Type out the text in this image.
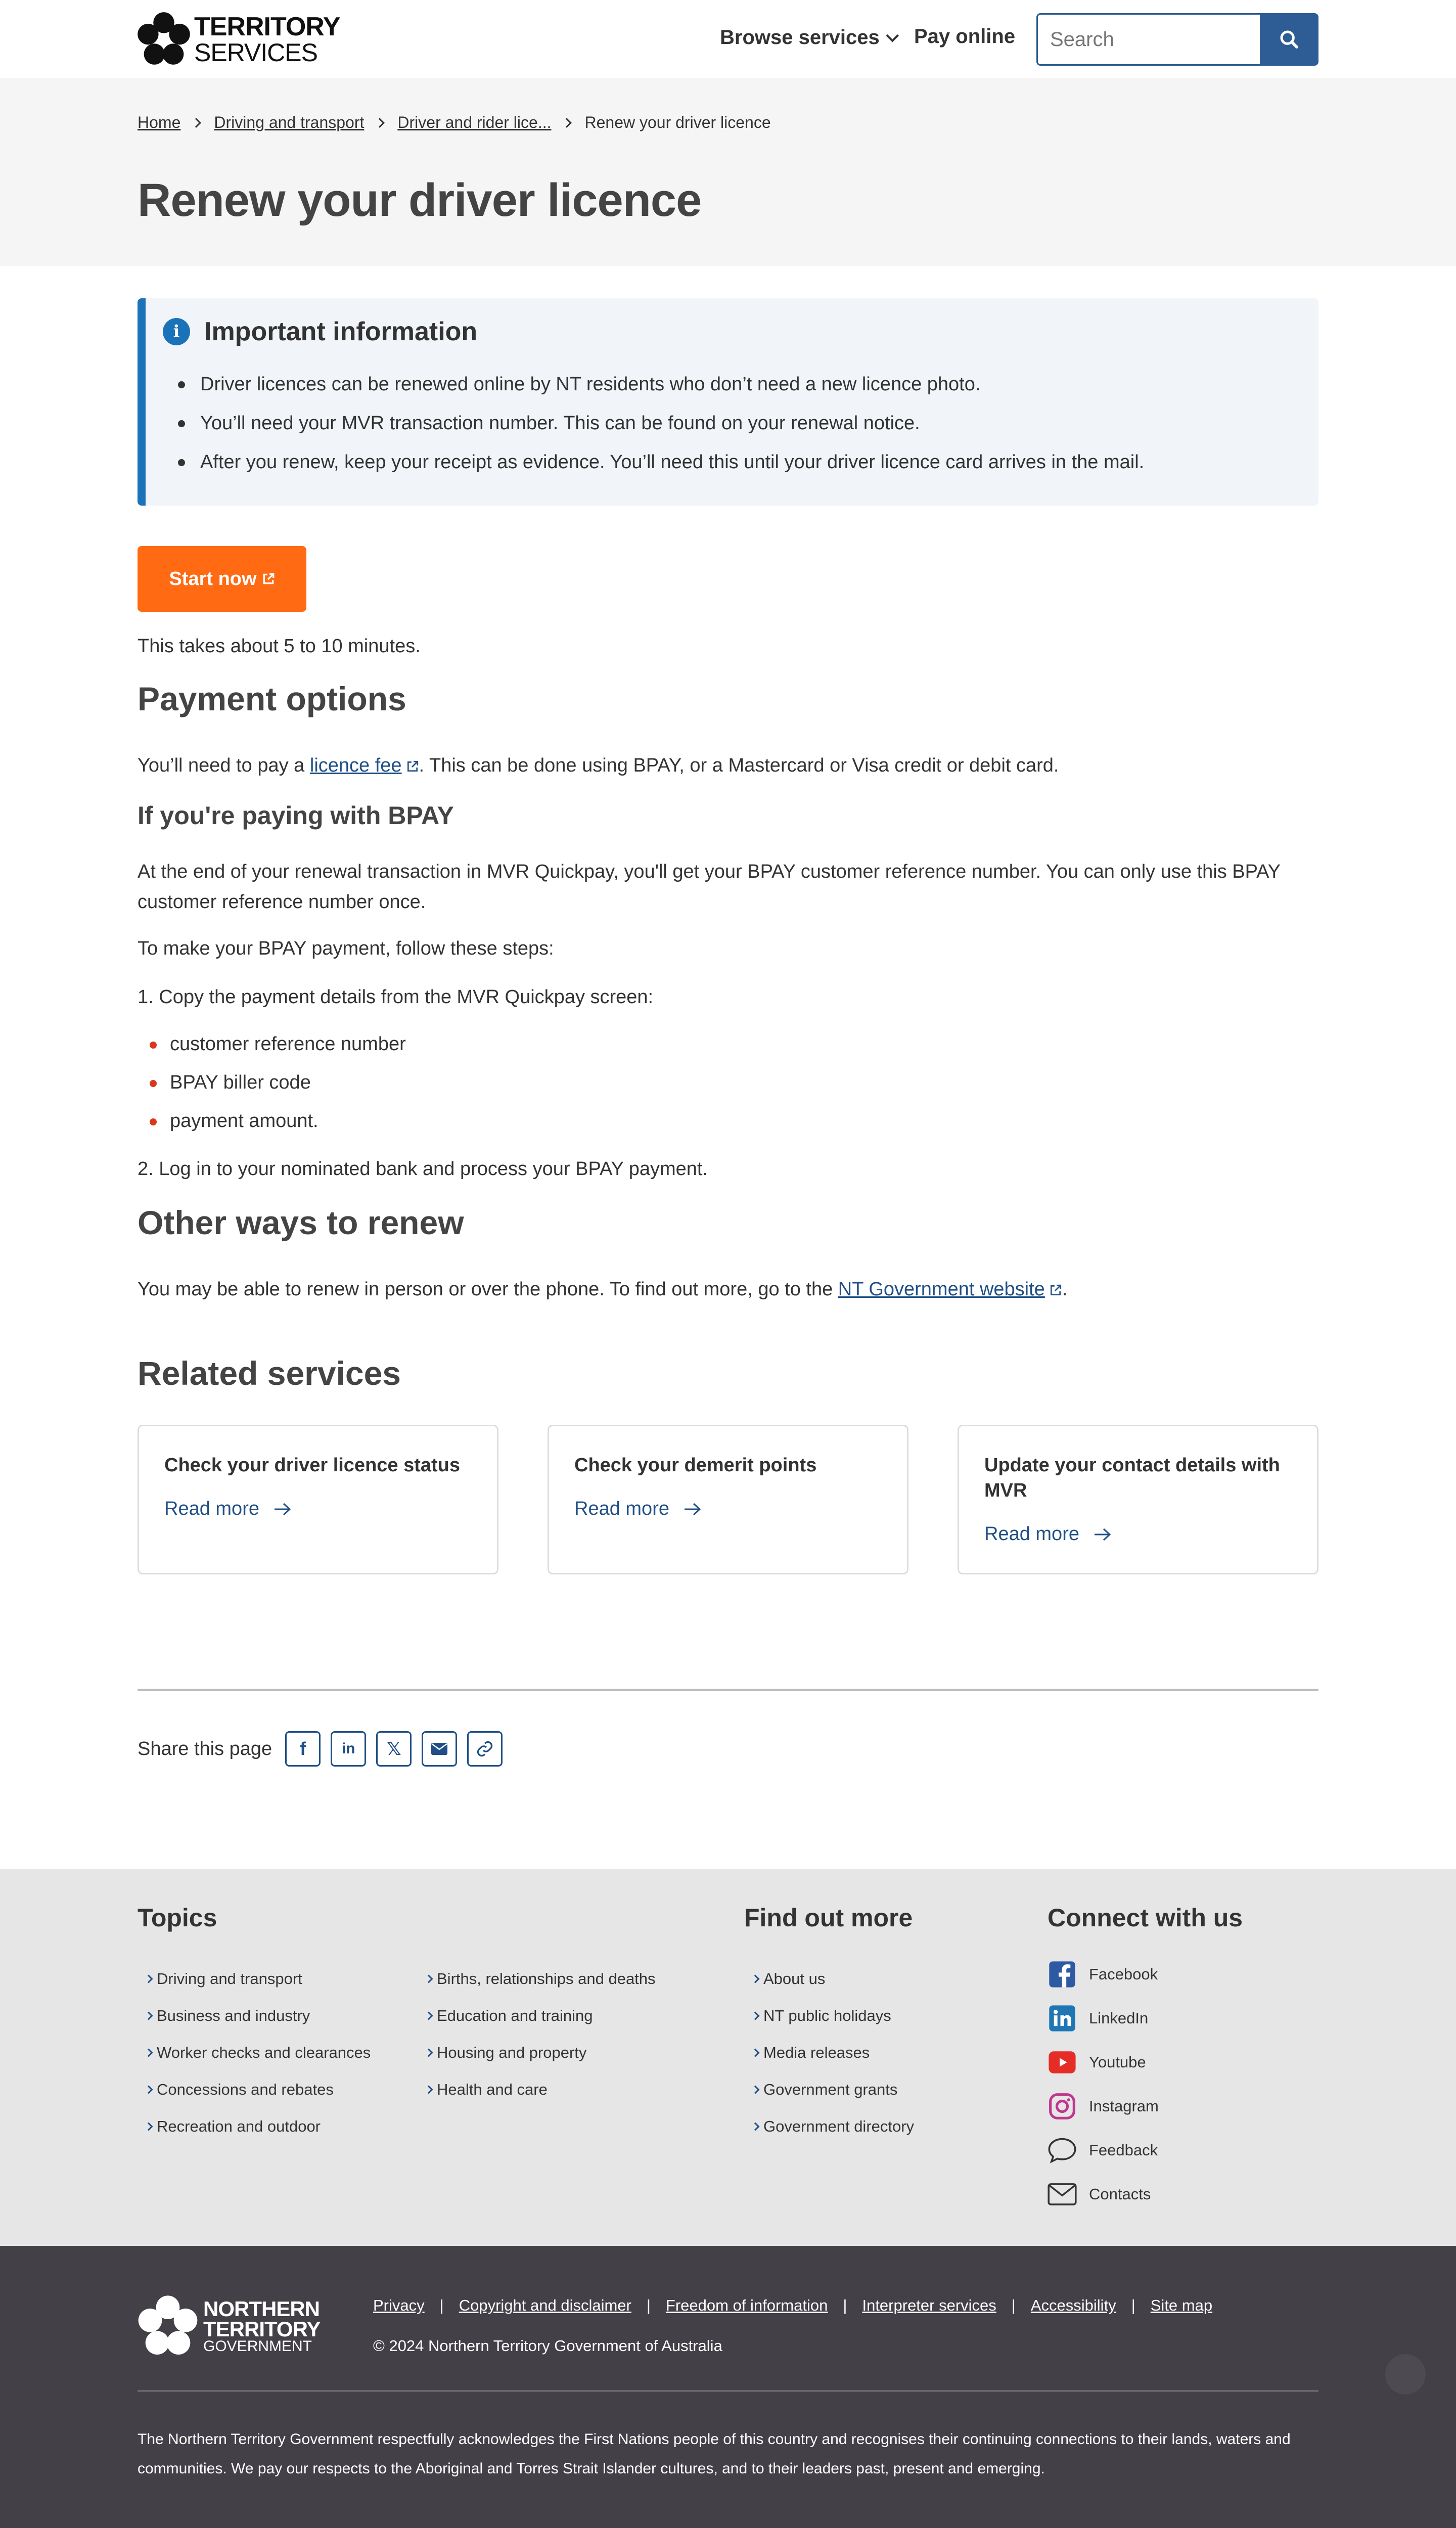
TERRITORY
SERVICES
Browse services Pay online
Search
Home Driving and transport Driver and rider lice... Renew your driver licence
Renew your driver licence
i Important information
Driver licences can be renewed online by NT residents who don’t need a new licence photo.
You’ll need your MVR transaction number. This can be found on your renewal notice.
After you renew, keep your receipt as evidence. You’ll need this until your driver licence card arrives in the mail.
Start now
This takes about 5 to 10 minutes.
Payment options
You’ll need to pay a licence fee . This can be done using BPAY, or a Mastercard or Visa credit or debit card.
If you're paying with BPAY
At the end of your renewal transaction in MVR Quickpay, you'll get your BPAY customer reference number. You can only use this BPAY customer reference number once.
To make your BPAY payment, follow these steps:
1. Copy the payment details from the MVR Quickpay screen:
customer reference number
BPAY biller code
payment amount.
2. Log in to your nominated bank and process your BPAY payment.
Other ways to renew
You may be able to renew in person or over the phone. To find out more, go to the NT Government website .
Related services
Check your driver licence status
Read more
Check your demerit points
Read more
Update your contact details with MVR
Read more
Share this page f in 𝕏
Topics
Driving and transport
Business and industry
Worker checks and clearances
Concessions and rebates
Recreation and outdoor
Births, relationships and deaths
Education and training
Housing and property
Health and care
Find out more
About us
NT public holidays
Media releases
Government grants
Government directory
Connect with us
Facebook
LinkedIn
Youtube
Instagram
Feedback
Contacts
NORTHERN
TERRITORY
GOVERNMENT
Privacy | Copyright and disclaimer | Freedom of information | Interpreter services | Accessibility | Site map
© 2024 Northern Territory Government of Australia
The Northern Territory Government respectfully acknowledges the First Nations people of this country and recognises their continuing connections to their lands, waters and communities. We pay our respects to the Aboriginal and Torres Strait Islander cultures, and to their leaders past, present and emerging.
